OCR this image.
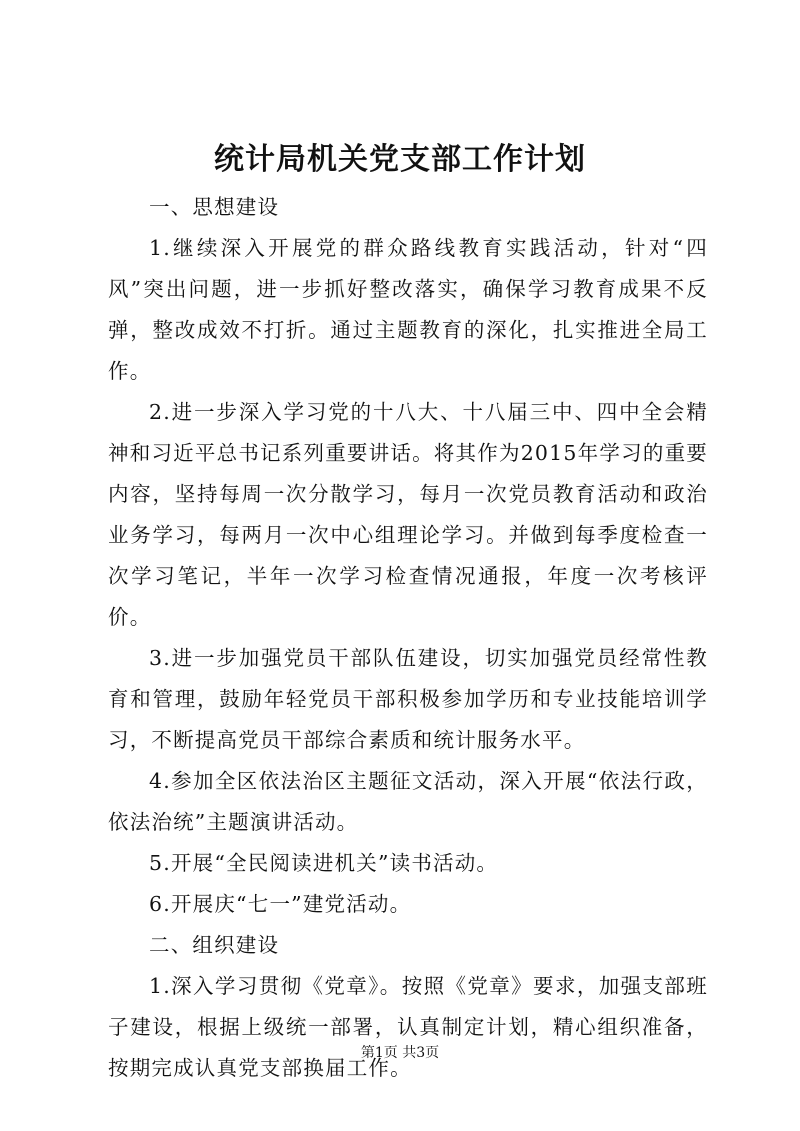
统计局机关党支部工作计划

一、思想建设

1.继续深入开展党的群众路线教育实践活动，针对“四风”突出问题，进一步抓好整改落实，确保学习教育成果不反弹，整改成效不打折。通过主题教育的深化，扎实推进全局工作。

2.进一步深入学习党的十八大、十八届三中、四中全会精神和习近平总书记系列重要讲话。将其作为2015年学习的重要内容，坚持每周一次分散学习，每月一次党员教育活动和政治业务学习，每两月一次中心组理论学习。并做到每季度检查一次学习笔记，半年一次学习检查情况通报，年度一次考核评价。

3.进一步加强党员干部队伍建设，切实加强党员经常性教育和管理，鼓励年轻党员干部积极参加学历和专业技能培训学习，不断提高党员干部综合素质和统计服务水平。

4.参加全区依法治区主题征文活动，深入开展“依法行政，依法治统”主题演讲活动。

5.开展“全民阅读进机关”读书活动。

6.开展庆“七一”建党活动。

二、组织建设

1.深入学习贯彻《党章》。按照《党章》要求，加强支部班子建设，根据上级统一部署，认真制定计划，精心组织准备，按期完成认真党支部换届工作。

第1页 共3页
